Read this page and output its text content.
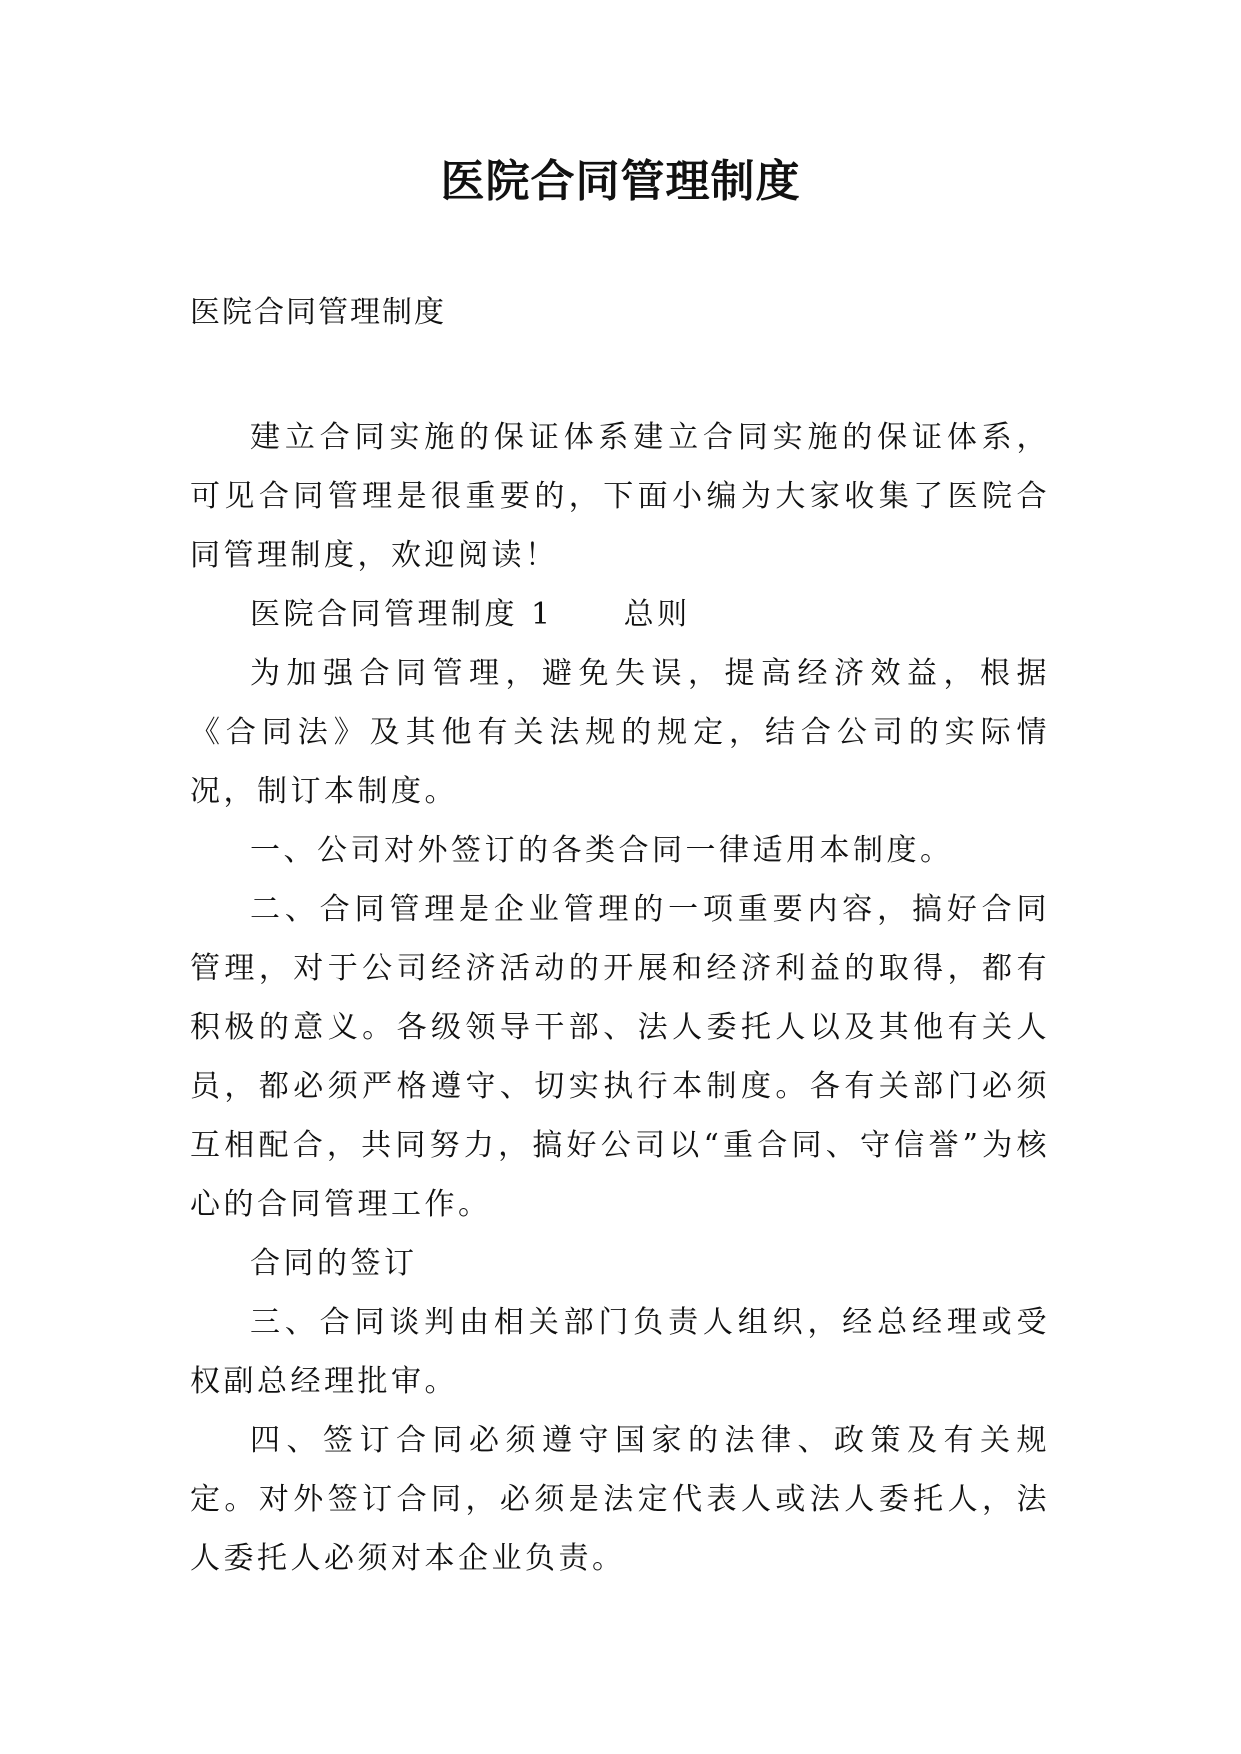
医院合同管理制度
医院合同管理制度

建立合同实施的保证体系建立合同实施的保证体系，可见合同管理是很重要的，下面小编为大家收集了医院合同管理制度，欢迎阅读！

医院合同管理制度 1 总则

为加强合同管理，避免失误，提高经济效益，根据《合同法》及其他有关法规的规定，结合公司的实际情况，制订本制度。

一、公司对外签订的各类合同一律适用本制度。

二、合同管理是企业管理的一项重要内容，搞好合同管理，对于公司经济活动的开展和经济利益的取得，都有积极的意义。各级领导干部、法人委托人以及其他有关人员，都必须严格遵守、切实执行本制度。各有关部门必须互相配合，共同努力，搞好公司以“重合同、守信誉”为核心的合同管理工作。

合同的签订

三、合同谈判由相关部门负责人组织，经总经理或受权副总经理批审。

四、签订合同必须遵守国家的法律、政策及有关规定。对外签订合同，必须是法定代表人或法人委托人，法人委托人必须对本企业负责。
